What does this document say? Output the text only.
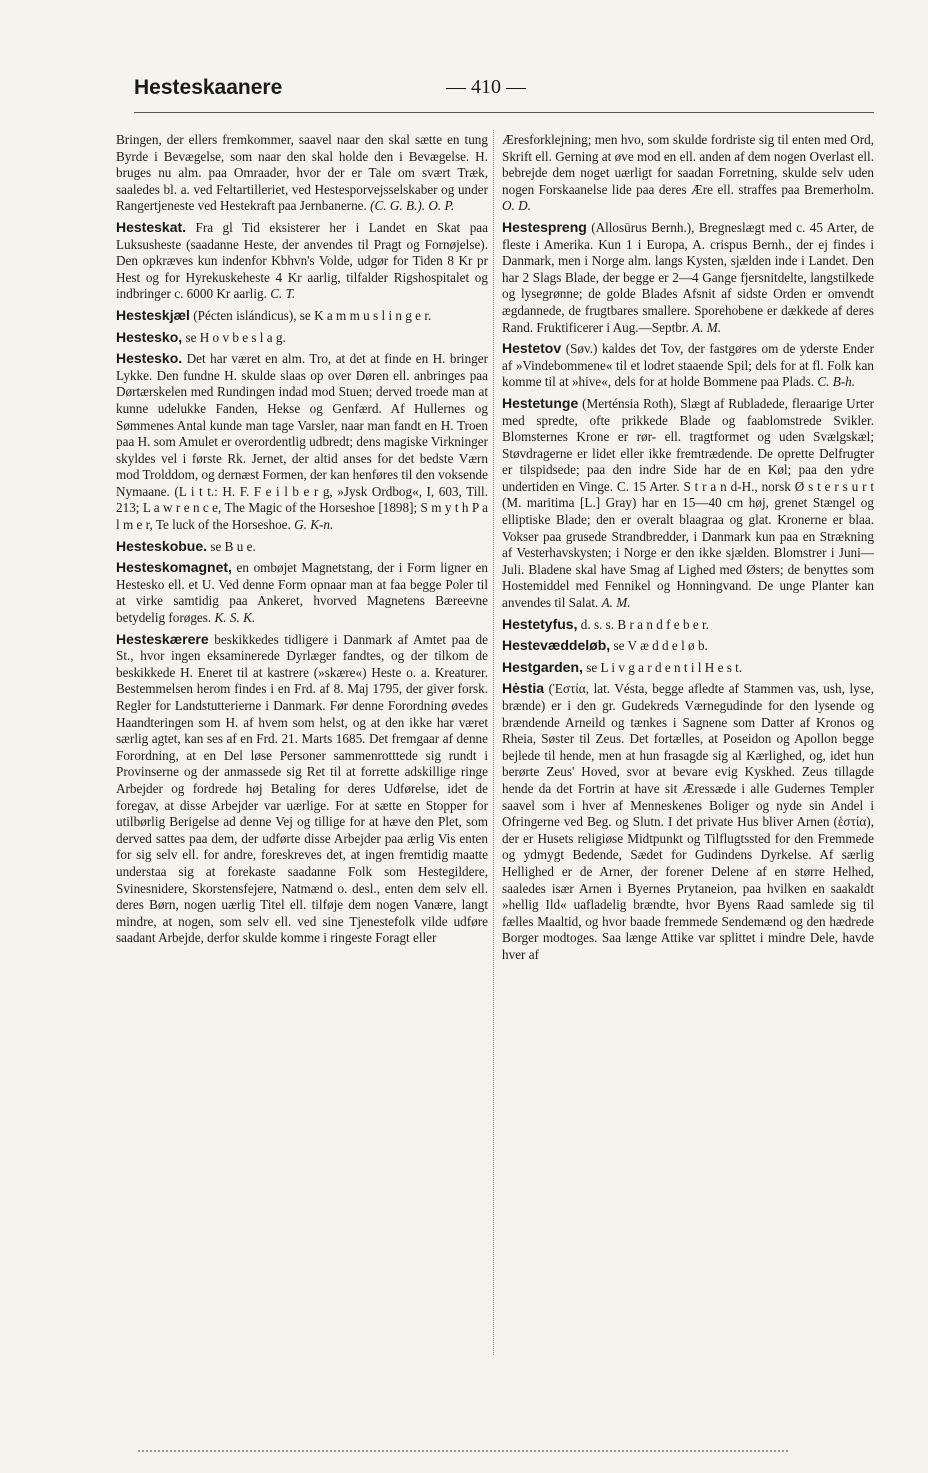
Hesteskaanere	— 410 —

Bringen, der ellers fremkommer, saavel naar den skal sætte en tung Byrde i Bevægelse, som naar den skal holde den i Bevægelse. H. bruges nu alm. paa Omraader, hvor der er Tale om svært Træk, saaledes bl. a. ved Feltartilleriet, ved Hestesporvejsselskaber og under Rangertjeneste ved Hestekraft paa Jernbanerne. (C. G. B.). O. P.

Hesteskat. Fra gl Tid eksisterer her i Landet en Skat paa Luksusheste (saadanne Heste, der anvendes til Pragt og Fornøjelse). Den opkræves kun indenfor Kbhvn's Volde, udgør for Tiden 8 Kr pr Hest og for Hyrekuskeheste 4 Kr aarlig, tilfalder Rigshospitalet og indbringer c. 6000 Kr aarlig. C. T.

Hesteskjæl (Pécten islándicus), se K a m m u s l i n g e r.

Hestesko, se H o v b e s l a g.

Hestesko. Det har været en alm. Tro, at det at finde en H. bringer Lykke. Den fundne H. skulde slaas op over Døren ell. anbringes paa Dørtærskelen med Rundingen indad mod Stuen; derved troede man at kunne udelukke Fanden, Hekse og Genfærd. Af Hullernes og Sømmenes Antal kunde man tage Varsler, naar man fandt en H. Troen paa H. som Amulet er overordentlig udbredt; dens magiske Virkninger skyldes vel i første Rk. Jernet, der altid anses for det bedste Værn mod Trolddom, og dernæst Formen, der kan henføres til den voksende Nymaane. (L i t t.: H. F. F e i l b e r g, »Jysk Ordbog«, I, 603, Till. 213; L a w r e n c e, The Magic of the Horseshoe [1898]; S m y t h P a l m e r, Te luck of the Horseshoe. G. K-n.

Hesteskobue. se B u e.

Hesteskomagnet, en ombøjet Magnetstang, der i Form ligner en Hestesko ell. et U. Ved denne Form opnaar man at faa begge Poler til at virke samtidig paa Ankeret, hvorved Magnetens Bæreevne betydelig forøges. K. S. K.

Hesteskærere beskikkedes tidligere i Danmark af Amtet paa de St., hvor ingen eksaminerede Dyrlæger fandtes, og der tilkom de beskikkede H. Eneret til at kastrere (»skære«) Heste o. a. Kreaturer. Bestemmelsen herom findes i en Frd. af 8. Maj 1795, der giver forsk. Regler for Landstutterierne i Danmark. Før denne Forordning øvedes Haandteringen som H. af hvem som helst, og at den ikke har været særlig agtet, kan ses af en Frd. 21. Marts 1685. Det fremgaar af denne Forordning, at en Del løse Personer sammenrotttede sig rundt i Provinserne og der anmassede sig Ret til at forrette adskillige ringe Arbejder og fordrede høj Betaling for deres Udførelse, idet de foregav, at disse Arbejder var uærlige. For at sætte en Stopper for utilbørlig Berigelse ad denne Vej og tillige for at hæve den Plet, som derved sattes paa dem, der udførte disse Arbejder paa ærlig Vis enten for sig selv ell. for andre, foreskreves det, at ingen fremtidig maatte understaa sig at forekaste saadanne Folk som Hestegildere, Svinesnidere, Skorstensfejere, Natmænd o. desl., enten dem selv ell. deres Børn, nogen uærlig Titel ell. tilføje dem nogen Vanære, langt mindre, at nogen, som selv ell. ved sine Tjenestefolk vilde udføre saadant Arbejde, derfor skulde komme i ringeste Foragt eller

Æresforklejning; men hvo, som skulde fordriste sig til enten med Ord, Skrift ell. Gerning at øve mod en ell. anden af dem nogen Overlast ell. bebrejde dem noget uærligt for saadan Forretning, skulde selv uden nogen Forskaanelse lide paa deres Ære ell. straffes paa Bremerholm. O. D.

Hestespreng (Allosūrus Bernh.), Bregneslægt med c. 45 Arter, de fleste i Amerika. Kun 1 i Europa, A. crispus Bernh., der ej findes i Danmark, men i Norge alm. langs Kysten, sjælden inde i Landet. Den har 2 Slags Blade, der begge er 2—4 Gange fjersnitdelte, langstilkede og lysegrønne; de golde Blades Afsnit af sidste Orden er omvendt ægdannede, de frugtbares smallere. Sporehobene er dækkede af deres Rand. Fruktificerer i Aug.—Septbr. A. M.

Hestetov (Søv.) kaldes det Tov, der fastgøres om de yderste Ender af »Vindebommene« til et lodret staaende Spil; dels for at fl. Folk kan komme til at »hive«, dels for at holde Bommene paa Plads. C. B-h.

Hestetunge (Merténsia Roth), Slægt af Rubladede, fleraarige Urter med spredte, ofte prikkede Blade og faablomstrede Svikler. Blomsternes Krone er rør- ell. tragtformet og uden Svælgskæl; Støvdragerne er lidet eller ikke fremtrædende. De oprette Delfrugter er tilspidsede; paa den indre Side har de en Køl; paa den ydre undertiden en Vinge. C. 15 Arter. S t r a n d-H., norsk Ø s t e r s u r t (M. maritima [L.] Gray) har en 15—40 cm høj, grenet Stængel og elliptiske Blade; den er overalt blaagraa og glat. Kronerne er blaa. Vokser paa grusede Strandbredder, i Danmark kun paa en Strækning af Vesterhavskysten; i Norge er den ikke sjælden. Blomstrer i Juni—Juli. Bladene skal have Smag af Lighed med Østers; de benyttes som Hostemiddel med Fennikel og Honningvand. De unge Planter kan anvendes til Salat. A. M.

Hestetyfus, d. s. s. B r a n d f e b e r.

Hestevæddeløb, se V æ d d e l ø b.

Hestgarden, se L i v g a r d e n t i l H e s t.

Hėstia (Ἑστία, lat. Vésta, begge afledte af Stammen vas, ush, lyse, brænde) er i den gr. Gudekreds Værnegudinde for den lysende og brændende Arneild og tænkes i Sagnene som Datter af Kronos og Rheia, Søster til Zeus. Det fortælles, at Poseidon og Apollon begge bejlede til hende, men at hun frasagde sig al Kærlighed, og, idet hun berørte Zeus' Hoved, svor at bevare evig Kyskhed. Zeus tillagde hende da det Fortrin at have sit Æressæde i alle Gudernes Templer saavel som i hver af Menneskenes Boliger og nyde sin Andel i Ofringerne ved Beg. og Slutn. I det private Hus bliver Arnen (ἑστία), der er Husets religiøse Midtpunkt og Tilflugtssted for den Fremmede og ydmygt Bedende, Sædet for Gudindens Dyrkelse. Af særlig Hellighed er de Arner, der forener Delene af en større Helhed, saaledes især Arnen i Byernes Prytaneion, paa hvilken en saakaldt »hellig Ild« uafladelig brændte, hvor Byens Raad samlede sig til fælles Maaltid, og hvor baade fremmede Sendemænd og den hædrede Borger modtoges. Saa længe Attike var splittet i mindre Dele, havde hver af
